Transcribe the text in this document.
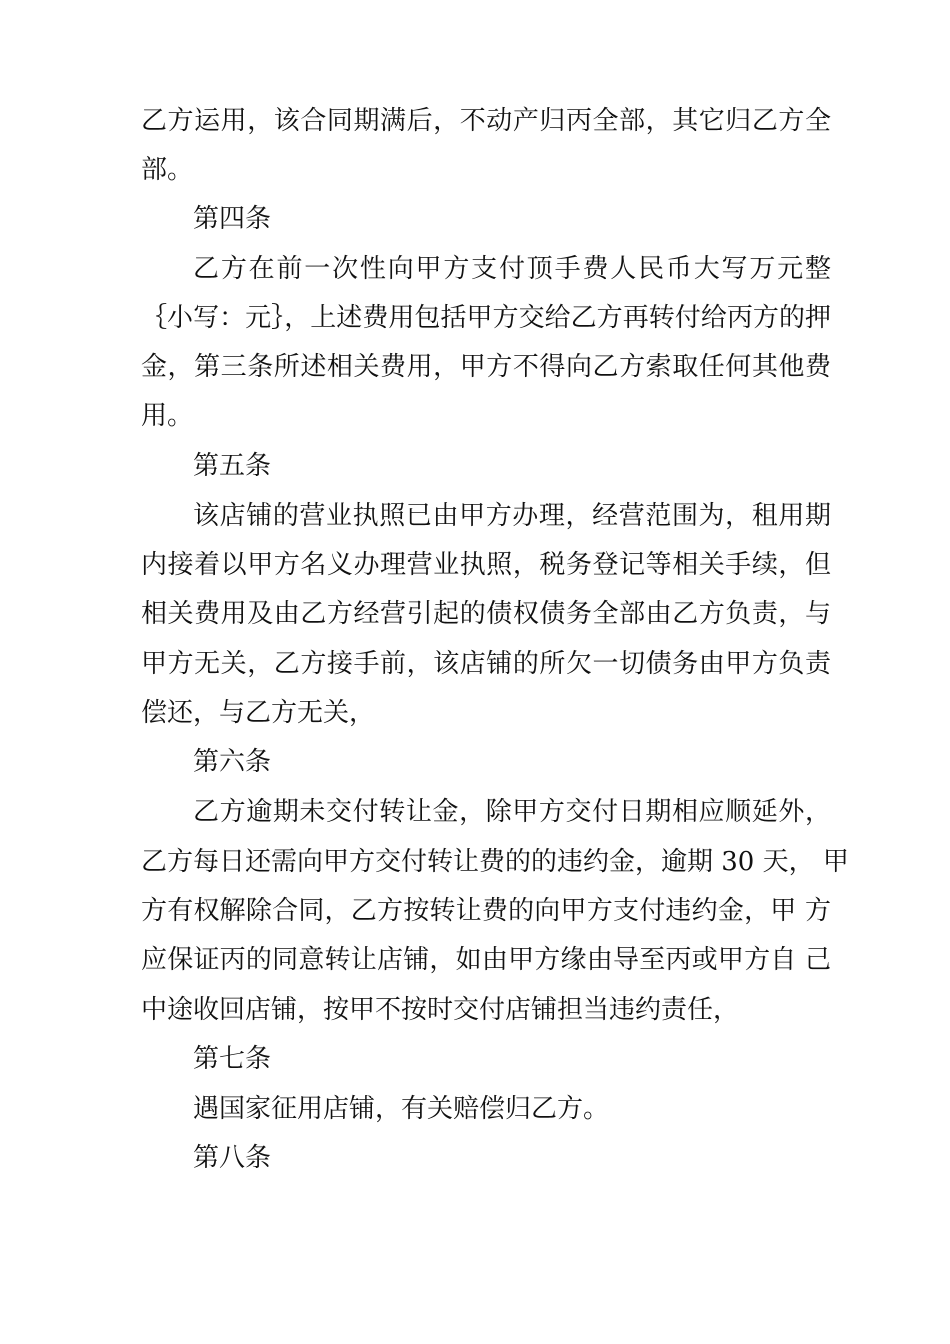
乙方运用，该合同期满后，不动产归丙全部，其它归乙方全
部。
第四条
乙方在前一次性向甲方支付顶手费人民币大写万元整
｛小写：元｝，上述费用包括甲方交给乙方再转付给丙方的押
金，第三条所述相关费用，甲方不得向乙方索取任何其他费
用。
第五条
该店铺的营业执照已由甲方办理，经营范围为，租用期
内接着以甲方名义办理营业执照，税务登记等相关手续，但
相关费用及由乙方经营引起的债权债务全部由乙方负责，与
甲方无关，乙方接手前，该店铺的所欠一切债务由甲方负责
偿还，与乙方无关，
第六条
乙方逾期未交付转让金，除甲方交付日期相应顺延外，
乙方每日还需向甲方交付转让费的的违约金，逾期 30 天， 甲
方有权解除合同，乙方按转让费的向甲方支付违约金，甲 方
应保证丙的同意转让店铺，如由甲方缘由导至丙或甲方自 己
中途收回店铺，按甲不按时交付店铺担当违约责任，
第七条
遇国家征用店铺，有关赔偿归乙方。
第八条
